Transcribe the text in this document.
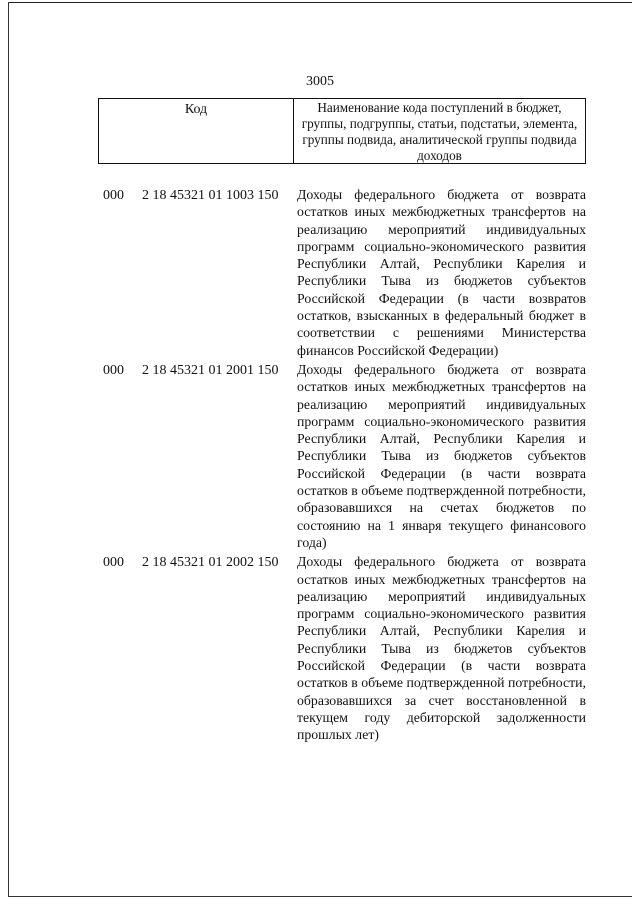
3005
Код	Наименование кода поступлений в бюджет, группы, подгруппы, статьи, подстатьи, элемента, группы подвида, аналитической группы подвида доходов
000 2 18 45321 01 1003 150 Доходы федерального бюджета от возврата остатков иных межбюджетных трансфертов на реализацию мероприятий индивидуальных программ социально-экономического развития Республики Алтай, Республики Карелия и Республики Тыва из бюджетов субъектов Российской Федерации (в части возвратов остатков, взысканных в федеральный бюджет в соответствии с решениями Министерства финансов Российской Федерации)
000 2 18 45321 01 2001 150 Доходы федерального бюджета от возврата остатков иных межбюджетных трансфертов на реализацию мероприятий индивидуальных программ социально-экономического развития Республики Алтай, Республики Карелия и Республики Тыва из бюджетов субъектов Российской Федерации (в части возврата остатков в объеме подтвержденной потребности, образовавшихся на счетах бюджетов по состоянию на 1 января текущего финансового года)
000 2 18 45321 01 2002 150 Доходы федерального бюджета от возврата остатков иных межбюджетных трансфертов на реализацию мероприятий индивидуальных программ социально-экономического развития Республики Алтай, Республики Карелия и Республики Тыва из бюджетов субъектов Российской Федерации (в части возврата остатков в объеме подтвержденной потребности, образовавшихся за счет восстановленной в текущем году дебиторской задолженности прошлых лет)
